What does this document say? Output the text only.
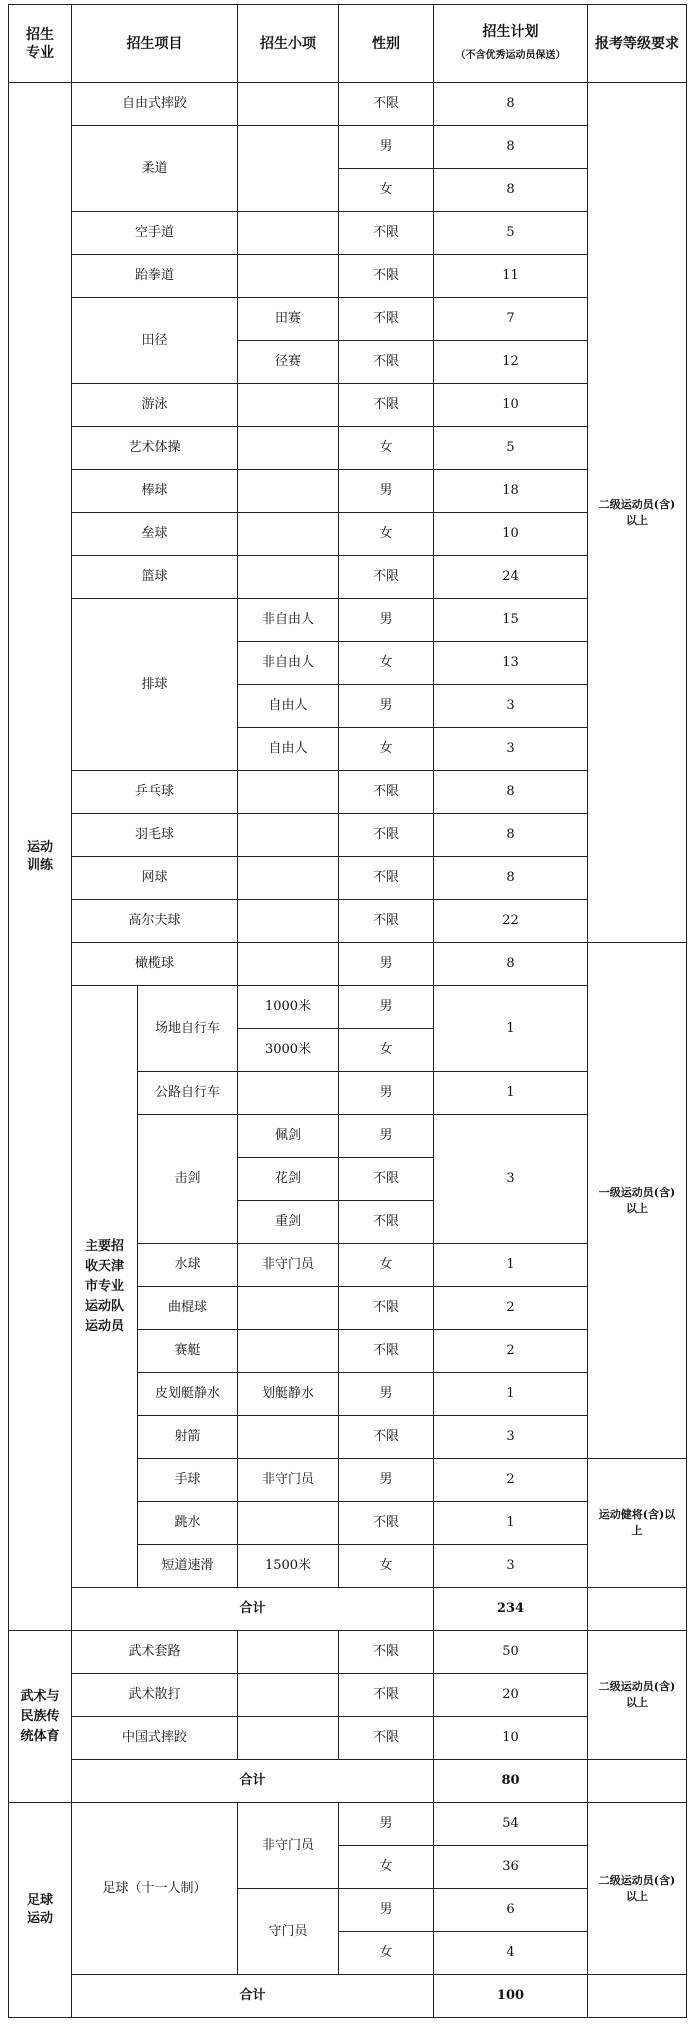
招生
专业	招生项目		招生小项	性别	招生计划
（不含优秀运动员保送）	报考等级要求
运动
训练	自由式摔跤			不限	8	二级运动员(含)
以上
	柔道			男	8	
				女	8	
	空手道			不限	5	
	跆拳道			不限	11	
	田径		田赛	不限	7	
			径赛	不限	12	
	游泳			不限	10	
	艺术体操			女	5	
	棒球			男	18	
	垒球			女	10	
	篮球			不限	24	
	排球		非自由人	男	15	
			非自由人	女	13	
			自由人	男	3	
			自由人	女	3	
	乒乓球			不限	8	
	羽毛球			不限	8	
	网球			不限	8	
	高尔夫球			不限	22	
	橄榄球			男	8	一级运动员(含)
以上
	主要招
收天津
市专业
运动队
运动员	场地自行车	1000米	男	1	
			3000米	女		
		公路自行车		男	1	
		击剑	佩剑	男	3	
			花剑	不限		
			重剑	不限		
		水球	非守门员	女	1	
		曲棍球		不限	2	
		赛艇		不限	2	
		皮划艇静水	划艇静水	男	1	
		射箭		不限	3	
		手球	非守门员	男	2	运动健将(含)以
上
		跳水		不限	1	
		短道速滑	1500米	女	3	
	合计				234	
武术与
民族传
统体育	武术套路			不限	50	二级运动员(含)
以上
	武术散打			不限	20	
	中国式摔跤			不限	10	
	合计				80	
足球
运动	足球（十一人制）		非守门员	男	54	二级运动员(含)
以上
				女	36	
			守门员	男	6	
				女	4	
	合计				100	
